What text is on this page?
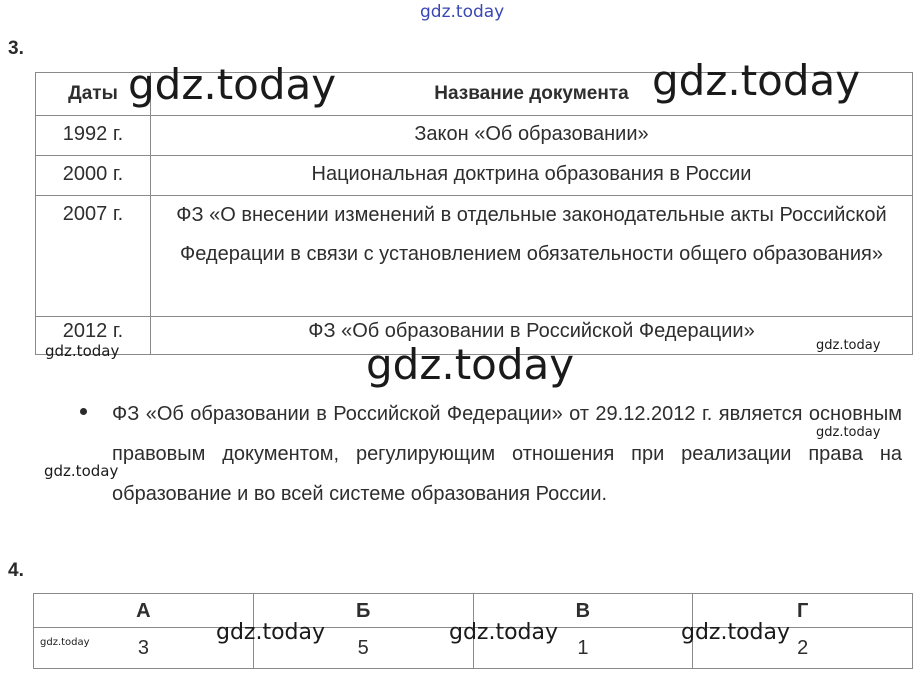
gdz.today
gdz.today	gdz.today
gdz.today
gdz.today	gdz.today
gdz.today
gdz.today
gdz.today	gdz.today	gdz.today
gdz.today
3.
Даты	Название документа
1992 г.	Закон «Об образовании»
2000 г.	Национальная доктрина образования в России
2007 г.	ФЗ «О внесении изменений в отдельные законодательные акты Российской Федерации в связи с установлением обязательности общего образования»
2012 г.	ФЗ «Об образовании в Российской Федерации»
ФЗ «Об образовании в Российской Федерации» от 29.12.2012 г. является основным правовым документом, регулирующим отношения при реализации права на образование и во всей системе образования России.
4.
А	Б	В	Г
3	5	1	2
